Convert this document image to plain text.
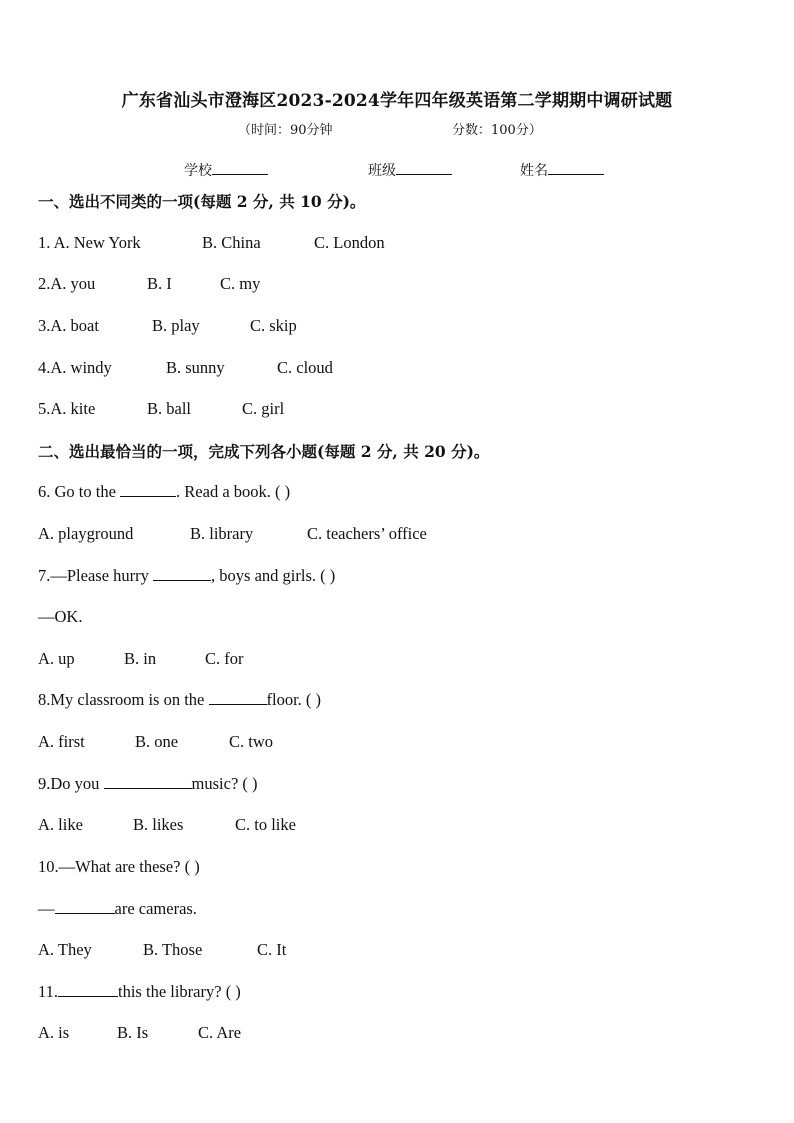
广东省汕头市澄海区2023-2024学年四年级英语第二学期期中调研试题
（时间：90分钟	分数：100分）
学校	班级	姓名
一、选出不同类的一项(每题 2 分, 共 10 分)。
1. A. New York	B. China	C. London
2.A. you	B. I	C. my
3.A. boat	B. play	C. skip
4.A. windy	B. sunny	C. cloud
5.A. kite	B. ball	C. girl
二、选出最恰当的一项，完成下列各小题(每题 2 分, 共 20 分)。
6. Go to the	. Read a book. ( )
A. playground	B. library	C. teachers’ office
7.—Please hurry	, boys and girls. ( )
—OK.
A. up	B. in	C. for
8.My classroom is on the	floor. ( )
A. first	B. one	C. two
9.Do you	music? ( )
A. like	B. likes	C. to like
10.—What are these? ( )
—	are cameras.
A. They	B. Those	C. It
11.	this the library? ( )
A. is	B. Is	C. Are
